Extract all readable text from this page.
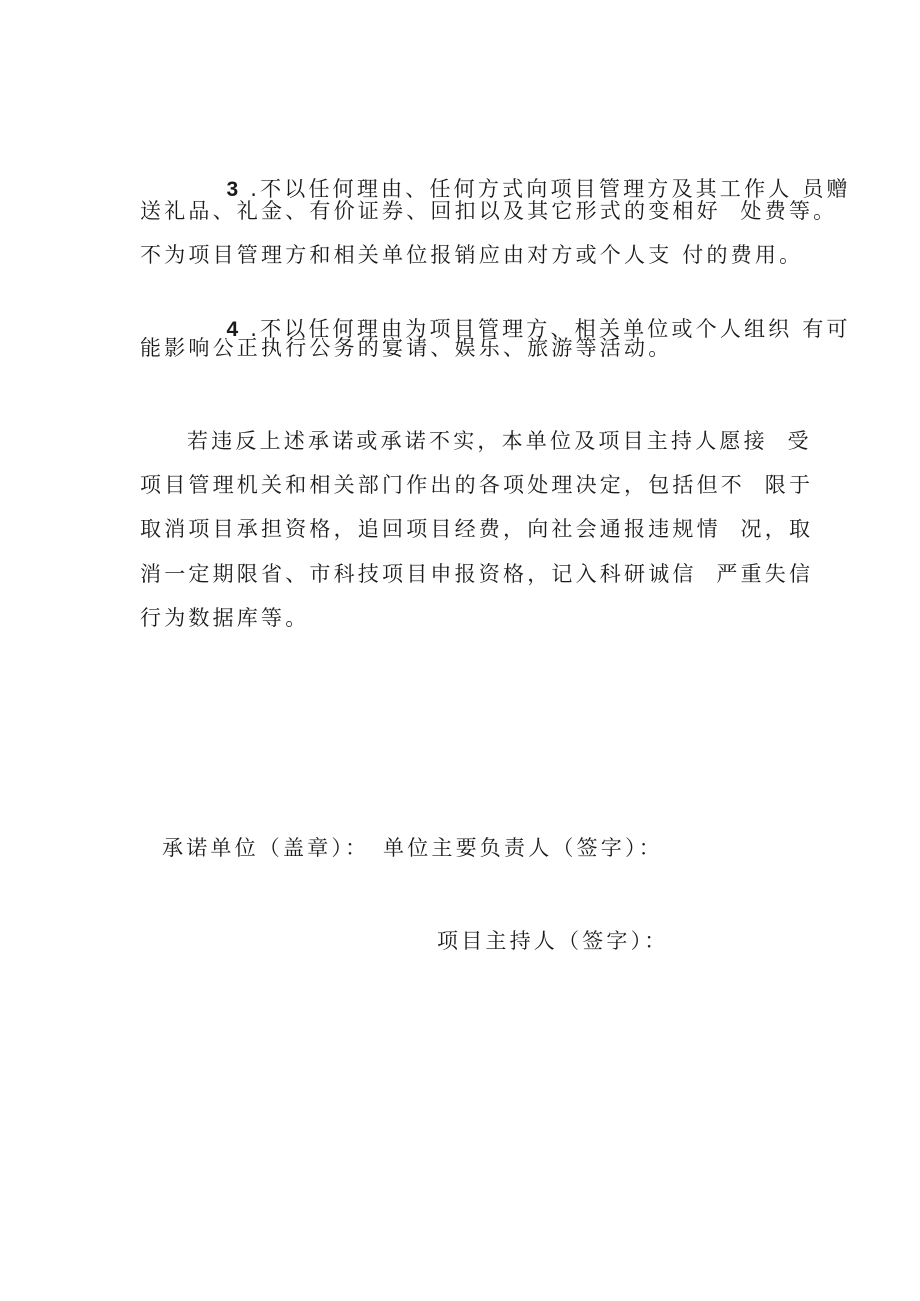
3 .不以任何理由、任何方式向项目管理方及其工作人 员赠

送礼品、礼金、有价证券、回扣以及其它形式的变相好  处费等。
不为项目管理方和相关单位报销应由对方或个人支 付的费用。

4 .不以任何理由为项目管理方、相关单位或个人组织 有可

能影响公正执行公务的宴请、娱乐、旅游等活动。
若违反上述承诺或承诺不实，本单位及项目主持人愿接  受
项目管理机关和相关部门作出的各项处理决定，包括但不  限于
取消项目承担资格，追回项目经费，向社会通报违规情  况，取
消一定期限省、市科技项目申报资格，记入科研诚信  严重失信
行为数据库等。
承诺单位（盖章）： 单位主要负责人（签字）：
项目主持人（签字）：
